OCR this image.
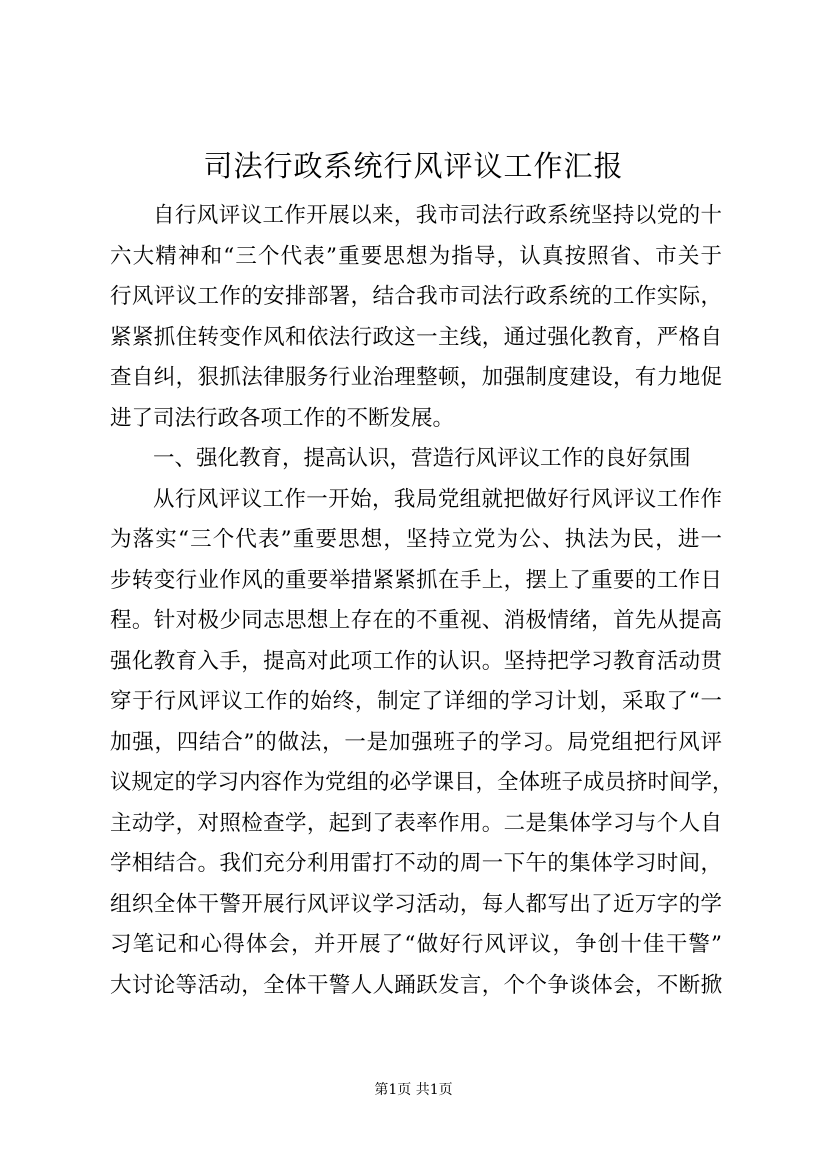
司法行政系统行风评议工作汇报
自行风评议工作开展以来，我市司法行政系统坚持以党的十
六大精神和“三个代表”重要思想为指导，认真按照省、市关于
行风评议工作的安排部署，结合我市司法行政系统的工作实际，
紧紧抓住转变作风和依法行政这一主线，通过强化教育，严格自
查自纠，狠抓法律服务行业治理整顿，加强制度建设，有力地促
进了司法行政各项工作的不断发展。
一、强化教育，提高认识，营造行风评议工作的良好氛围
从行风评议工作一开始，我局党组就把做好行风评议工作作
为落实“三个代表”重要思想，坚持立党为公、执法为民，进一
步转变行业作风的重要举措紧紧抓在手上，摆上了重要的工作日
程。针对极少同志思想上存在的不重视、消极情绪，首先从提高
强化教育入手，提高对此项工作的认识。坚持把学习教育活动贯
穿于行风评议工作的始终，制定了详细的学习计划，采取了“一
加强，四结合”的做法，一是加强班子的学习。局党组把行风评
议规定的学习内容作为党组的必学课目，全体班子成员挤时间学，
主动学，对照检查学，起到了表率作用。二是集体学习与个人自
学相结合。我们充分利用雷打不动的周一下午的集体学习时间，
组织全体干警开展行风评议学习活动，每人都写出了近万字的学
习笔记和心得体会，并开展了“做好行风评议，争创十佳干警”
大讨论等活动，全体干警人人踊跃发言，个个争谈体会，不断掀
第1页 共1页
